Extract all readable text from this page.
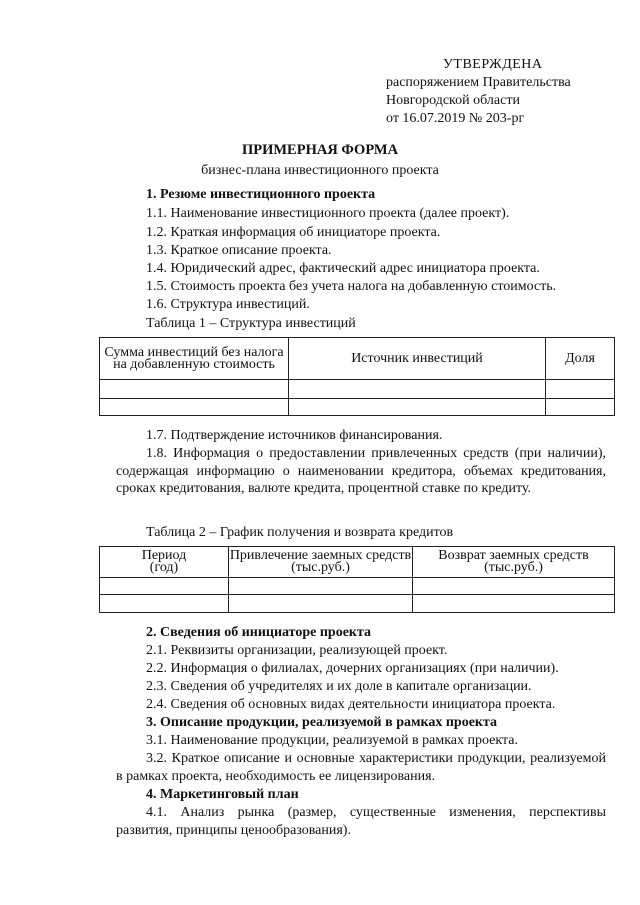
УТВЕРЖДЕНА
распоряжением Правительства
Новгородской области
от 16.07.2019 № 203-рг
ПРИМЕРНАЯ ФОРМА
бизнес-плана инвестиционного проекта
1. Резюме инвестиционного проекта
1.1. Наименование инвестиционного проекта (далее проект).
1.2. Краткая информация об инициаторе проекта.
1.3. Краткое описание проекта.
1.4. Юридический адрес, фактический адрес инициатора проекта.
1.5. Стоимость проекта без учета налога на добавленную стоимость.
1.6. Структура инвестиций.
Таблица 1 – Структура инвестиций
Сумма инвестиций без налога на добавленную стоимость	Источник инвестиций	Доля

1.7. Подтверждение источников финансирования.
1.8. Информация о предоставлении привлеченных средств (при наличии), содержащая информацию о наименовании кредитора, объемах кредитования, сроках кредитования, валюте кредита, процентной ставке по кредиту.
Таблица 2 – График получения и возврата кредитов
Период (год)	Привлечение заемных средств (тыс.руб.)	Возврат заемных средств (тыс.руб.)

2. Сведения об инициаторе проекта
2.1. Реквизиты организации, реализующей проект.
2.2. Информация о филиалах, дочерних организациях (при наличии).
2.3. Сведения об учредителях и их доле в капитале организации.
2.4. Сведения об основных видах деятельности инициатора проекта.
3. Описание продукции, реализуемой в рамках проекта
3.1. Наименование продукции, реализуемой в рамках проекта.
3.2. Краткое описание и основные характеристики продукции, реализуемой в рамках проекта, необходимость ее лицензирования.
4. Маркетинговый план
4.1. Анализ рынка (размер, существенные изменения, перспективы развития, принципы ценообразования).
